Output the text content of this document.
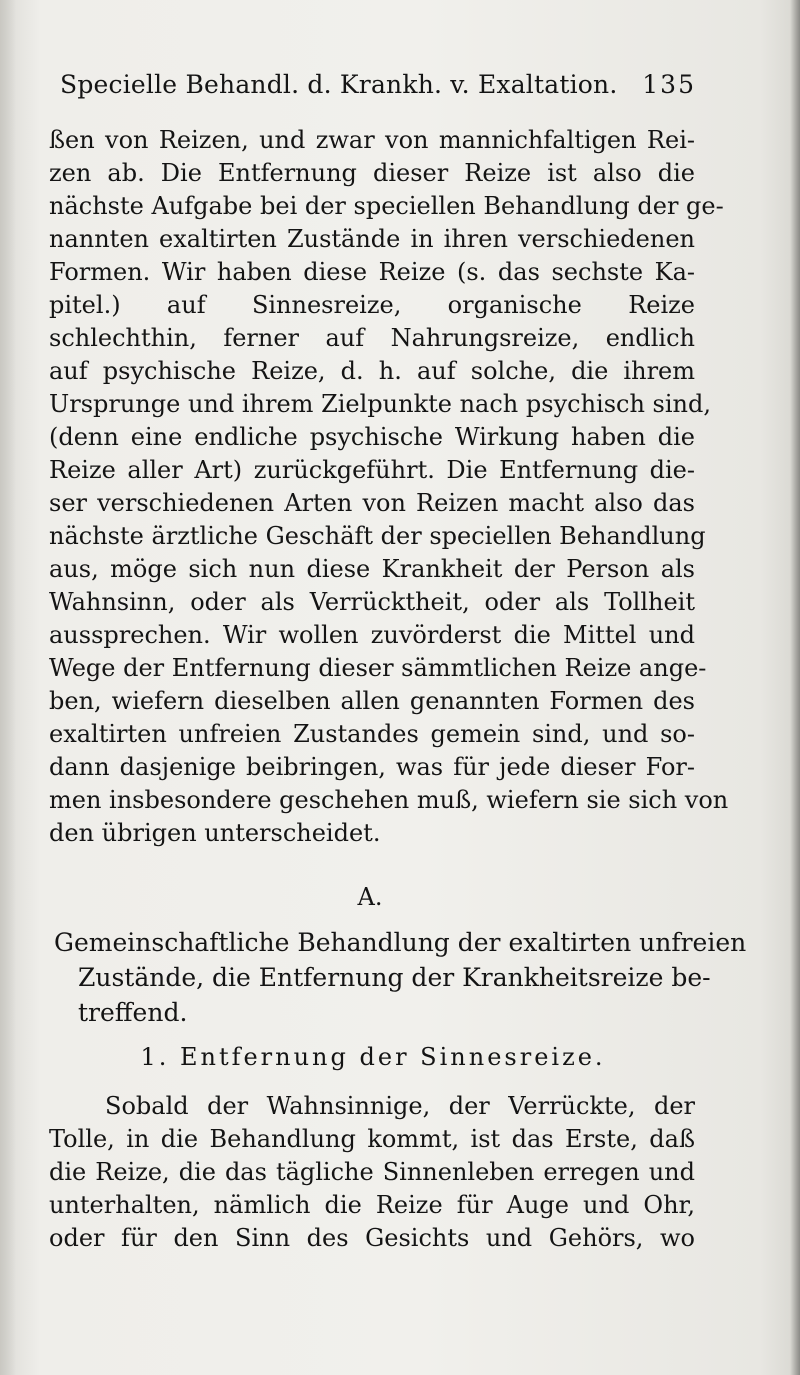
Specielle Behandl. d. Krankh. v. Exaltation. 135
ßen von Reizen, und zwar von mannichfaltigen Rei-
zen ab. Die Entfernung dieser Reize ist also die
nächste Aufgabe bei der speciellen Behandlung der ge-
nannten exaltirten Zustände in ihren verschiedenen
Formen. Wir haben diese Reize (s. das sechste Ka-
pitel.) auf Sinnesreize, organische Reize
schlechthin, ferner auf Nahrungsreize, endlich
auf psychische Reize, d. h. auf solche, die ihrem
Ursprunge und ihrem Zielpunkte nach psychisch sind,
(denn eine endliche psychische Wirkung haben die
Reize aller Art) zurückgeführt. Die Entfernung die-
ser verschiedenen Arten von Reizen macht also das
nächste ärztliche Geschäft der speciellen Behandlung
aus, möge sich nun diese Krankheit der Person als
Wahnsinn, oder als Verrücktheit, oder als Tollheit
aussprechen. Wir wollen zuvörderst die Mittel und
Wege der Entfernung dieser sämmtlichen Reize ange-
ben, wiefern dieselben allen genannten Formen des
exaltirten unfreien Zustandes gemein sind, und so-
dann dasjenige beibringen, was für jede dieser For-
men insbesondere geschehen muß, wiefern sie sich von
den übrigen unterscheidet.
A.
Gemeinschaftliche Behandlung der exaltirten unfreien
Zustände, die Entfernung der Krankheitsreize be-
treffend.
1. Entfernung der Sinnesreize.
Sobald der Wahnsinnige, der Verrückte, der
Tolle, in die Behandlung kommt, ist das Erste, daß
die Reize, die das tägliche Sinnenleben erregen und
unterhalten, nämlich die Reize für Auge und Ohr,
oder für den Sinn des Gesichts und Gehörs, wo
